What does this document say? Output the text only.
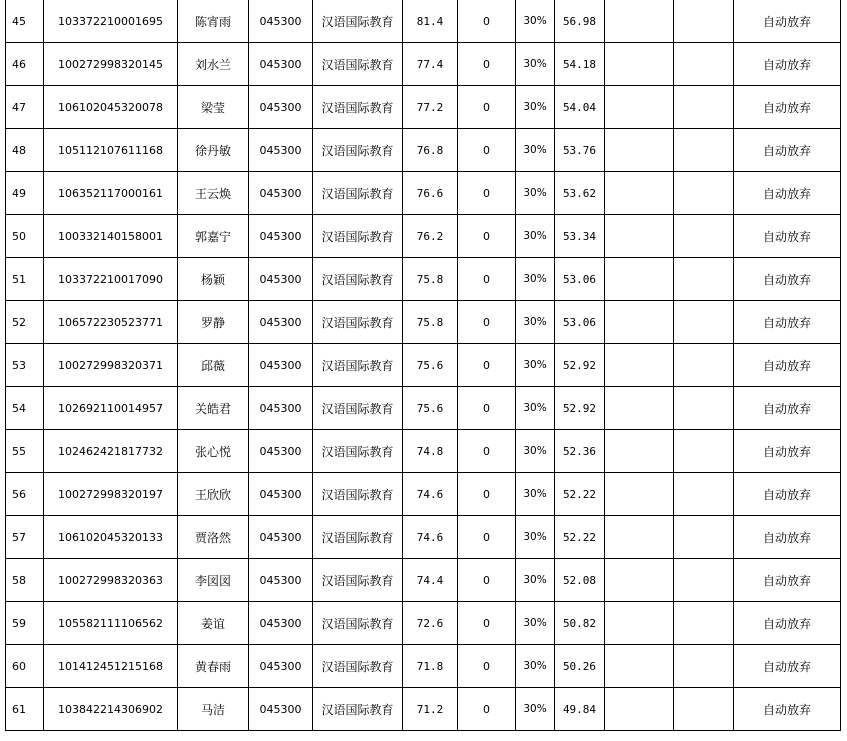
45	103372210001695	陈宵雨	045300	汉语国际教育	81.4	0	30%	56.98			自动放弃
46	100272998320145	刘水兰	045300	汉语国际教育	77.4	0	30%	54.18			自动放弃
47	106102045320078	梁莹	045300	汉语国际教育	77.2	0	30%	54.04			自动放弃
48	105112107611168	徐丹敏	045300	汉语国际教育	76.8	0	30%	53.76			自动放弃
49	106352117000161	王云焕	045300	汉语国际教育	76.6	0	30%	53.62			自动放弃
50	100332140158001	郭嘉宁	045300	汉语国际教育	76.2	0	30%	53.34			自动放弃
51	103372210017090	杨颖	045300	汉语国际教育	75.8	0	30%	53.06			自动放弃
52	106572230523771	罗静	045300	汉语国际教育	75.8	0	30%	53.06			自动放弃
53	100272998320371	邱薇	045300	汉语国际教育	75.6	0	30%	52.92			自动放弃
54	102692110014957	关皓君	045300	汉语国际教育	75.6	0	30%	52.92			自动放弃
55	102462421817732	张心悦	045300	汉语国际教育	74.8	0	30%	52.36			自动放弃
56	100272998320197	王欣欣	045300	汉语国际教育	74.6	0	30%	52.22			自动放弃
57	106102045320133	贾洛然	045300	汉语国际教育	74.6	0	30%	52.22			自动放弃
58	100272998320363	李図図	045300	汉语国际教育	74.4	0	30%	52.08			自动放弃
59	105582111106562	姜谊	045300	汉语国际教育	72.6	0	30%	50.82			自动放弃
60	101412451215168	黄春雨	045300	汉语国际教育	71.8	0	30%	50.26			自动放弃
61	103842214306902	马洁	045300	汉语国际教育	71.2	0	30%	49.84			自动放弃
